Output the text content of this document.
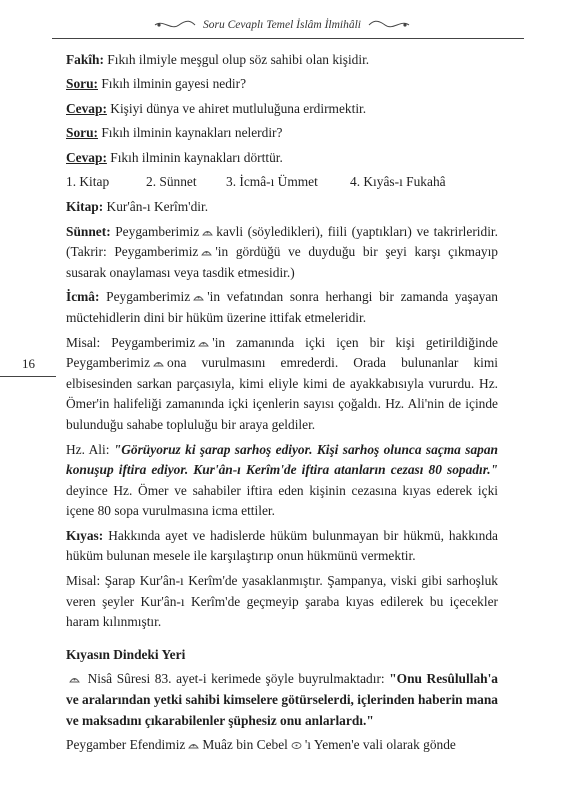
Soru Cevaplı Temel İslâm İlmihâli
16

Fakîh: Fıkıh ilmiyle meşgul olup söz sahibi olan kişidir.

Soru: Fıkıh ilminin gayesi nedir?

Cevap: Kişiyi dünya ve ahiret mutluluğuna erdirmektir.

Soru: Fıkıh ilminin kaynakları nelerdir?

Cevap: Fıkıh ilminin kaynakları dörttür.

1. Kitap	2. Sünnet	3. İcmâ-ı Ümmet	4. Kıyâs-ı Fukahâ

Kitap: Kur'ân-ı Kerîm'dir.

Sünnet: Peygamberimiz kavli (söyledikleri), fiili (yaptıkları) ve takrirleridir. (Takrir: Peygamberimiz 'in gördüğü ve duyduğu bir şeyi karşı çıkmayıp susarak onaylaması veya tasdik etmesidir.)

İcmâ: Peygamberimiz 'in vefatından sonra herhangi bir zamanda yaşayan müctehidlerin dini bir hüküm üzerine ittifak etmeleridir.

Misal: Peygamberimiz 'in zamanında içki içen bir kişi getirildiğinde Peygamberimiz ona vurulmasını emrederdi. Orada bulunanlar kimi elbisesinden sarkan parçasıyla, kimi eliyle kimi de ayakkabısıyla vururdu. Hz. Ömer'in halifeliği zamanında içki içenlerin sayısı çoğaldı. Hz. Ali'nin de içinde bulunduğu sahabe topluluğu bir araya geldiler.

Hz. Ali: "Görüyoruz ki şarap sarhoş ediyor. Kişi sarhoş olunca saçma sapan konuşup iftira ediyor. Kur'ân-ı Kerîm'de iftira atanların cezası 80 sopadır." deyince Hz. Ömer ve sahabiler iftira eden kişinin cezasına kıyas ederek içki içene 80 sopa vurulmasına icma ettiler.

Kıyas: Hakkında ayet ve hadislerde hüküm bulunmayan bir hükmü, hakkında hüküm bulunan mesele ile karşılaştırıp onun hükmünü vermektir.

Misal: Şarap Kur'ân-ı Kerîm'de yasaklanmıştır. Şampanya, viski gibi sarhoşluk veren şeyler Kur'ân-ı Kerîm'de geçmeyip şaraba kıyas edilerek bu içecekler haram kılınmıştır.

Kıyasın Dindeki Yeri

Nisâ Sûresi 83. ayet-i kerimede şöyle buyrulmaktadır: "Onu Resûlullah'a ve aralarından yetki sahibi kimselere götürselerdi, içlerinden haberin mana ve maksadını çıkarabilenler şüphesiz onu anlarlardı."

Peygamber Efendimiz Muâz bin Cebel 'ı Yemen'e vali olarak gönde
